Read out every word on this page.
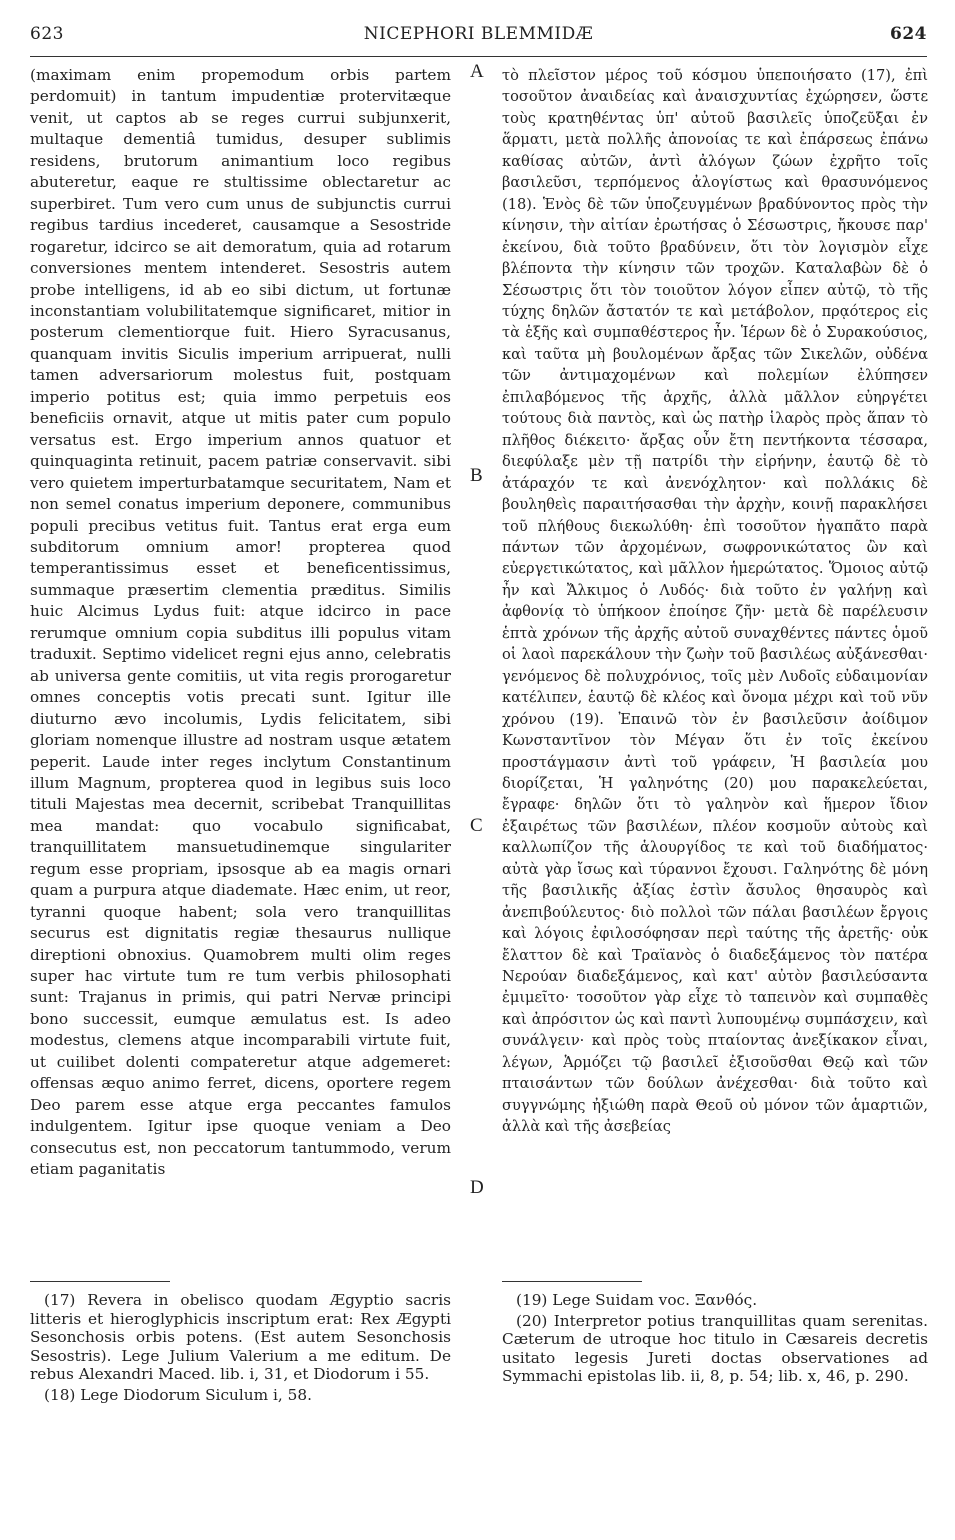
623	NICEPHORI BLEMMIDÆ	624

(maximam enim propemodum orbis partem perdomuit) in tantum impudentiæ protervitæque venit, ut captos ab se reges currui subjunxerit, multaque dementiâ tumidus, desuper sublimis residens, brutorum animantium loco regibus abuteretur, eaque re stultissime oblectaretur ac superbiret. Tum vero cum unus de subjunctis currui regibus tardius incederet, causamque a Sesostride rogaretur, idcirco se ait demoratum, quia ad rotarum conversiones mentem intenderet. Sesostris autem probe intelligens, id ab eo sibi dictum, ut fortunæ inconstantiam volubilitatemque significaret, mitior in posterum clementiorque fuit. Hiero Syracusanus, quanquam invitis Siculis imperium arripuerat, nulli tamen adversariorum molestus fuit, postquam imperio potitus est; quia immo perpetuis eos beneficiis ornavit, atque ut mitis pater cum populo versatus est. Ergo imperium annos quatuor et quinquaginta retinuit, pacem patriæ conservavit. sibi vero quietem imperturbatamque securitatem, Nam et non semel conatus imperium deponere, communibus populi precibus vetitus fuit. Tantus erat erga eum subditorum omnium amor! propterea quod temperantissimus esset et beneficentissimus, summaque præsertim clementia præditus. Similis huic Alcimus Lydus fuit: atque idcirco in pace rerumque omnium copia subditus illi populus vitam traduxit. Septimo videlicet regni ejus anno, celebratis ab universa gente comitiis, ut vita regis prorogaretur omnes conceptis votis precati sunt. Igitur ille diuturno ævo incolumis, Lydis felicitatem, sibi gloriam nomenque illustre ad nostram usque ætatem peperit. Laude inter reges inclytum Constantinum illum Magnum, propterea quod in legibus suis loco tituli Majestas mea decernit, scribebat Tranquillitas mea mandat: quo vocabulo significabat, tranquillitatem mansuetudinemque singulariter regum esse propriam, ipsosque ab ea magis ornari quam a purpura atque diademate. Hæc enim, ut reor, tyranni quoque habent; sola vero tranquillitas securus est dignitatis regiæ thesaurus nullique direptioni obnoxius. Quamobrem multi olim reges super hac virtute tum re tum verbis philosophati sunt: Trajanus in primis, qui patri Nervæ principi bono successit, eumque æmulatus est. Is adeo modestus, clemens atque incomparabili virtute fuit, ut cuilibet dolenti compateretur atque adgemeret: offensas æquo animo ferret, dicens, oportere regem Deo parem esse atque erga peccantes famulos indulgentem. Igitur ipse quoque veniam a Deo consecutus est, non peccatorum tantummodo, verum etiam paganitatis

A
B
C
D

τὸ πλεῖστον μέρος τοῦ κόσμου ὑπεποιήσατο (17), ἐπὶ τοσοῦτον ἀναιδείας καὶ ἀναισχυντίας ἐχώρησεν, ὥστε τοὺς κρατηθέντας ὑπ' αὐτοῦ βασιλεῖς ὑποζεῦξαι ἐν ἅρματι, μετὰ πολλῆς ἀπονοίας τε καὶ ἐπάρσεως ἐπάνω καθίσας αὐτῶν, ἀντὶ ἀλόγων ζώων ἐχρῆτο τοῖς βασιλεῦσι, τερπόμενος ἀλογίστως καὶ θρασυνόμενος (18). Ἑνὸς δὲ τῶν ὑποζευγμένων βραδύνοντος πρὸς τὴν κίνησιν, τὴν αἰτίαν ἐρωτήσας ὁ Σέσωστρις, ἤκουσε παρ' ἐκείνου, διὰ τοῦτο βραδύνειν, ὅτι τὸν λογισμὸν εἶχε βλέποντα τὴν κίνησιν τῶν τροχῶν. Καταλαβὼν δὲ ὁ Σέσωστρις ὅτι τὸν τοιοῦτον λόγον εἶπεν αὐτῷ, τὸ τῆς τύχης δηλῶν ἄστατόν τε καὶ μετάβολον, πρᾳότερος εἰς τὰ ἑξῆς καὶ συμπαθέστερος ἦν. Ἱέρων δὲ ὁ Συρακούσιος, καὶ ταῦτα μὴ βουλομένων ἄρξας τῶν Σικελῶν, οὐδένα τῶν ἀντιμαχομένων καὶ πολεμίων ἐλύπησεν ἐπιλαβόμενος τῆς ἀρχῆς, ἀλλὰ μᾶλλον εὐηργέτει τούτους διὰ παντὸς, καὶ ὡς πατὴρ ἱλαρὸς πρὸς ἅπαν τὸ πλῆθος διέκειτο· ἄρξας οὖν ἔτη πεντήκοντα τέσσαρα, διεφύλαξε μὲν τῇ πατρίδι τὴν εἰρήνην, ἑαυτῷ δὲ τὸ ἀτάραχόν τε καὶ ἀνενόχλητον· καὶ πολλάκις δὲ βουληθεὶς παραιτήσασθαι τὴν ἀρχὴν, κοινῇ παρακλήσει τοῦ πλήθους διεκωλύθη· ἐπὶ τοσοῦτον ἠγαπᾶτο παρὰ πάντων τῶν ἀρχομένων, σωφρονικώτατος ὢν καὶ εὐεργετικώτατος, καὶ μᾶλλον ἡμερώτατος. Ὅμοιος αὐτῷ ἦν καὶ Ἄλκιμος ὁ Λυδός· διὰ τοῦτο ἐν γαλήνῃ καὶ ἀφθονίᾳ τὸ ὑπήκοον ἐποίησε ζῆν· μετὰ δὲ παρέλευσιν ἑπτὰ χρόνων τῆς ἀρχῆς αὐτοῦ συναχθέντες πάντες ὁμοῦ οἱ λαοὶ παρεκάλουν τὴν ζωὴν τοῦ βασιλέως αὐξάνεσθαι· γενόμενος δὲ πολυχρόνιος, τοῖς μὲν Λυδοῖς εὐδαιμονίαν κατέλιπεν, ἑαυτῷ δὲ κλέος καὶ ὄνομα μέχρι καὶ τοῦ νῦν χρόνου (19). Ἐπαινῶ τὸν ἐν βασιλεῦσιν ἀοίδιμον Κωνσταντῖνον τὸν Μέγαν ὅτι ἐν τοῖς ἐκείνου προστάγμασιν ἀντὶ τοῦ γράφειν, Ἡ βασιλεία μου διορίζεται, Ἡ γαληνότης (20) μου παρακελεύεται, ἔγραφε· δηλῶν ὅτι τὸ γαληνὸν καὶ ἥμερον ἴδιον ἐξαιρέτως τῶν βασιλέων, πλέον κοσμοῦν αὐτοὺς καὶ καλλωπίζον τῆς ἁλουργίδος τε καὶ τοῦ διαδήματος· αὐτὰ γὰρ ἴσως καὶ τύραννοι ἔχουσι. Γαληνότης δὲ μόνη τῆς βασιλικῆς ἀξίας ἐστὶν ἄσυλος θησαυρὸς καὶ ἀνεπιβούλευτος· διὸ πολλοὶ τῶν πάλαι βασιλέων ἔργοις καὶ λόγοις ἐφιλοσόφησαν περὶ ταύτης τῆς ἀρετῆς· οὐκ ἔλαττον δὲ καὶ Τραϊανὸς ὁ διαδεξάμενος τὸν πατέρα Νερούαν διαδεξάμενος, καὶ κατ' αὐτὸν βασιλεύσαντα ἐμιμεῖτο· τοσοῦτον γὰρ εἶχε τὸ ταπεινὸν καὶ συμπαθὲς καὶ ἀπρόσιτον ὡς καὶ παντὶ λυπουμένῳ συμπάσχειν, καὶ συνάλγειν· καὶ πρὸς τοὺς πταίοντας ἀνεξίκακον εἶναι, λέγων, Ἁρμόζει τῷ βασιλεῖ ἐξισοῦσθαι Θεῷ καὶ τῶν πταισάντων τῶν δούλων ἀνέχεσθαι· διὰ τοῦτο καὶ συγγνώμης ἠξιώθη παρὰ Θεοῦ οὐ μόνον τῶν ἁμαρτιῶν, ἀλλὰ καὶ τῆς ἀσεβείας

(17) Revera in obelisco quodam Ægyptio sacris litteris et hieroglyphicis inscriptum erat: Rex Ægypti Sesonchosis orbis potens. (Est autem Sesonchosis Sesostris). Lege Julium Valerium a me editum. De rebus Alexandri Maced. lib. i, 31, et Diodorum i 55.

(18) Lege Diodorum Siculum i, 58.

(19) Lege Suidam voc. Ξανθός.

(20) Interpretor potius tranquillitas quam serenitas. Cæterum de utroque hoc titulo in Cæsareis decretis usitato legesis Jureti doctas observationes ad Symmachi epistolas lib. ii, 8, p. 54; lib. x, 46, p. 290.
